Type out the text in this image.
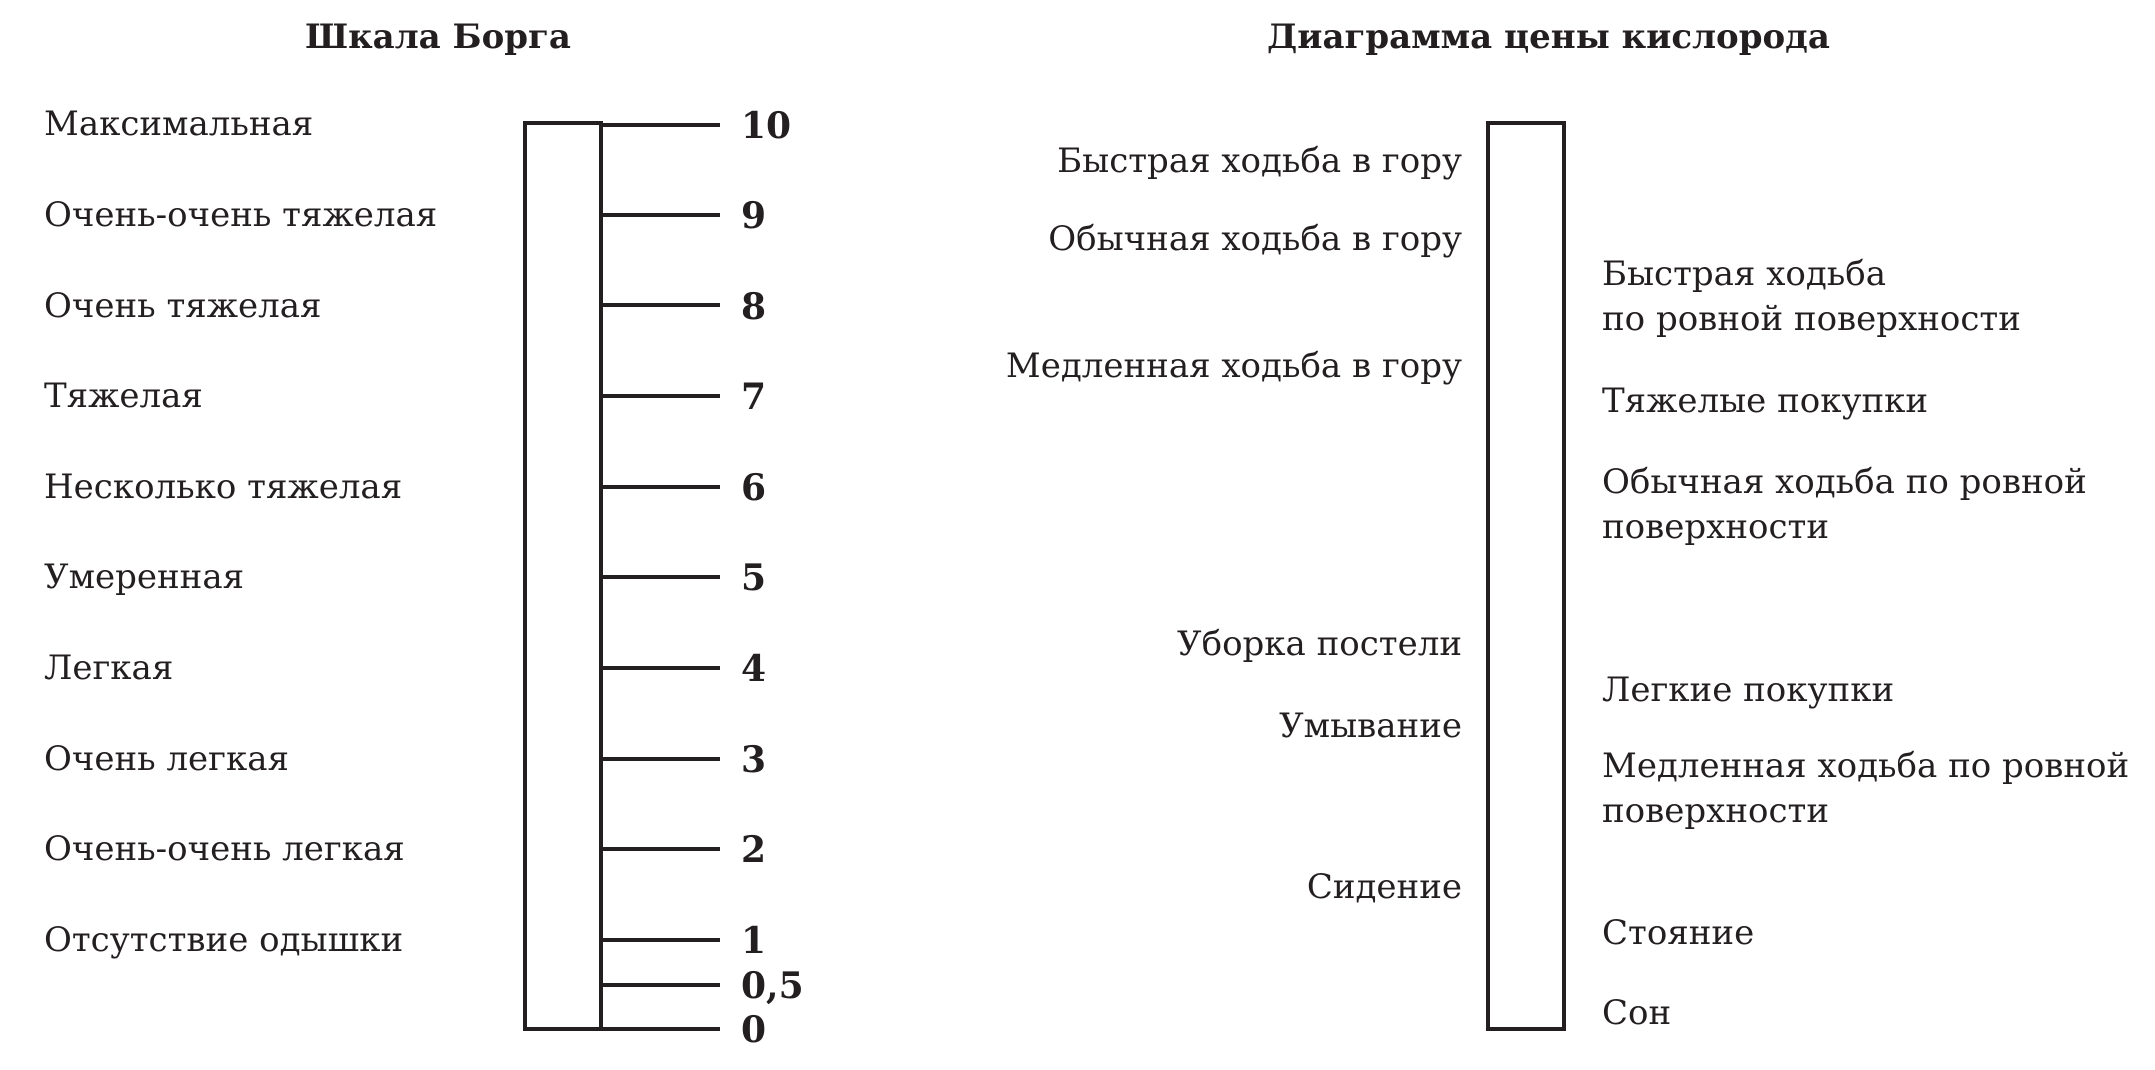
Шкала Борга
Максимальная
Очень-очень тяжелая
Очень тяжелая
Тяжелая
Несколько тяжелая
Умеренная
Легкая
Очень легкая
Очень-очень легкая
Отсутствие одышки
10
9
8
7
6
5
4
3
2
1
0,5
0
Диаграмма цены кислорода
Быстрая ходьба в гору
Обычная ходьба в гору
Медленная ходьба в гору
Уборка постели
Умывание
Сидение
Быстрая ходьба
по ровной поверхности
Тяжелые покупки
Обычная ходьба по ровной
поверхности
Легкие покупки
Медленная ходьба по ровной
поверхности
Стояние
Сон
